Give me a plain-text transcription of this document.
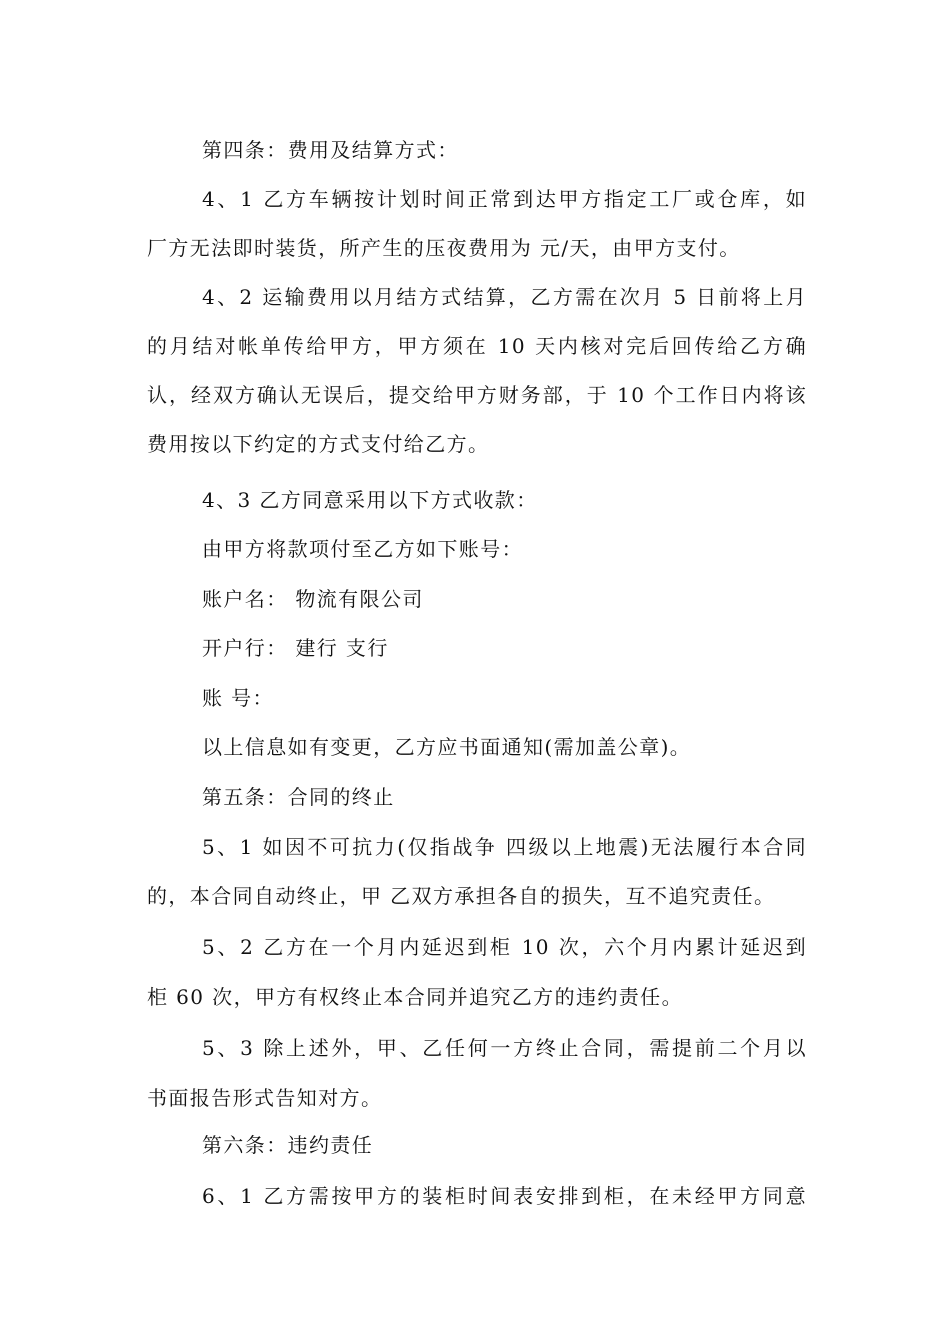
第四条：费用及结算方式：
4、1 乙方车辆按计划时间正常到达甲方指定工厂或仓库，如
厂方无法即时装货，所产生的压夜费用为 元/天，由甲方支付。
4、2 运输费用以月结方式结算，乙方需在次月 5 日前将上月
的月结对帐单传给甲方，甲方须在 10 天内核对完后回传给乙方确
认，经双方确认无误后，提交给甲方财务部，于 10 个工作日内将该
费用按以下约定的方式支付给乙方。
4、3 乙方同意采用以下方式收款：
由甲方将款项付至乙方如下账号：
账户名： 物流有限公司
开户行： 建行 支行
账 号：
以上信息如有变更，乙方应书面通知(需加盖公章)。
第五条：合同的终止
5、1 如因不可抗力(仅指战争 四级以上地震)无法履行本合同
的，本合同自动终止，甲 乙双方承担各自的损失，互不追究责任。
5、2 乙方在一个月内延迟到柜 10 次，六个月内累计延迟到
柜 60 次，甲方有权终止本合同并追究乙方的违约责任。
5、3 除上述外，甲、乙任何一方终止合同，需提前二个月以
书面报告形式告知对方。
第六条：违约责任
6、1 乙方需按甲方的装柜时间表安排到柜，在未经甲方同意
